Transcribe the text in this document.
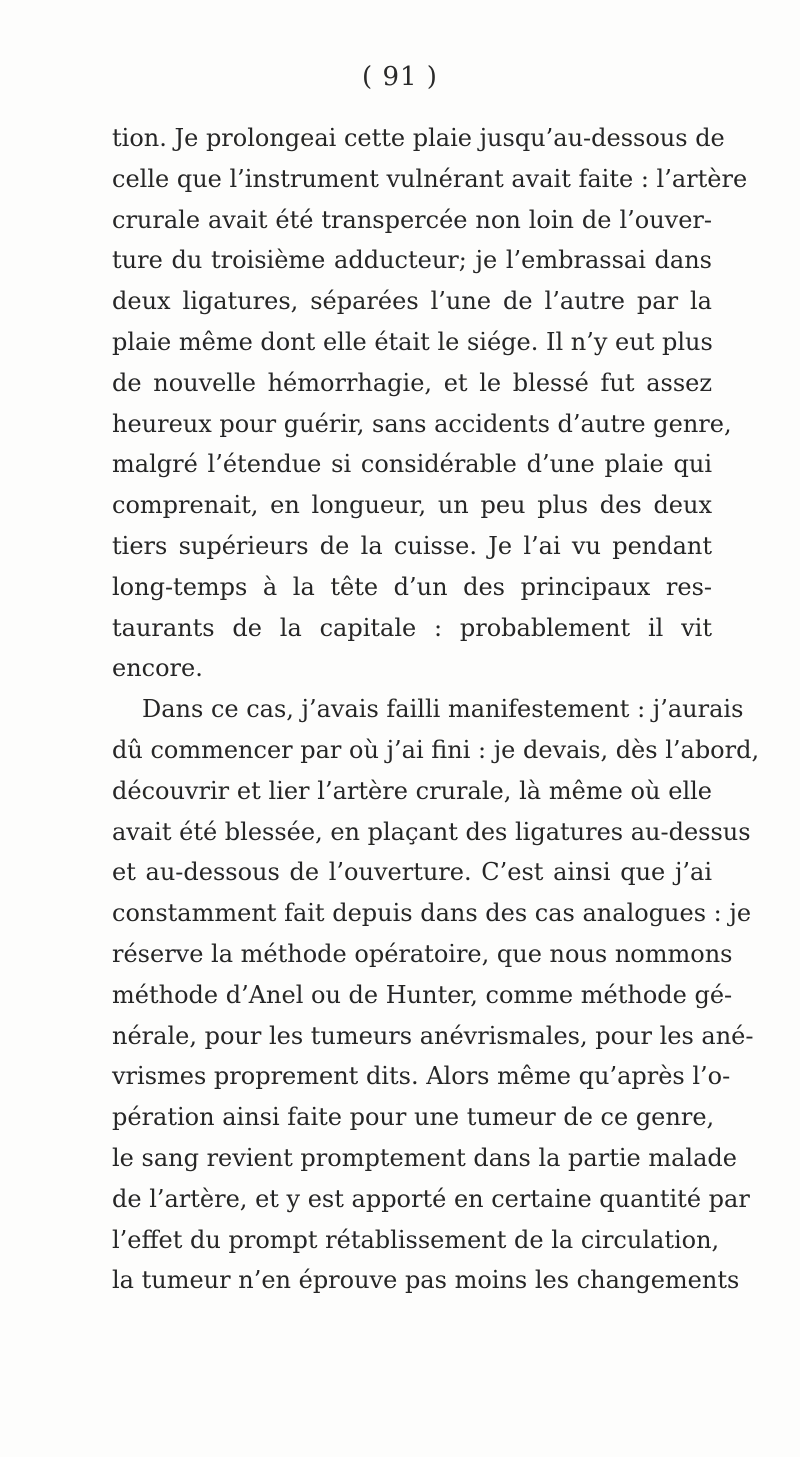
( 91 )
tion. Je prolongeai cette plaie jusqu’au-dessous de
celle que l’instrument vulnérant avait faite : l’artère
crurale avait été transpercée non loin de l’ouver-
ture du troisième adducteur; je l’embrassai dans
deux ligatures, séparées l’une de l’autre par la
plaie même dont elle était le siége. Il n’y eut plus
de nouvelle hémorrhagie, et le blessé fut assez
heureux pour guérir, sans accidents d’autre genre,
malgré l’étendue si considérable d’une plaie qui
comprenait, en longueur, un peu plus des deux
tiers supérieurs de la cuisse. Je l’ai vu pendant
long-temps à la tête d’un des principaux res-
taurants de la capitale : probablement il vit
encore.
Dans ce cas, j’avais failli manifestement : j’aurais
dû commencer par où j’ai fini : je devais, dès l’abord,
découvrir et lier l’artère crurale, là même où elle
avait été blessée, en plaçant des ligatures au-dessus
et au-dessous de l’ouverture. C’est ainsi que j’ai
constamment fait depuis dans des cas analogues : je
réserve la méthode opératoire, que nous nommons
méthode d’Anel ou de Hunter, comme méthode gé-
nérale, pour les tumeurs anévrismales, pour les ané-
vrismes proprement dits. Alors même qu’après l’o-
pération ainsi faite pour une tumeur de ce genre,
le sang revient promptement dans la partie malade
de l’artère, et y est apporté en certaine quantité par
l’effet du prompt rétablissement de la circulation,
la tumeur n’en éprouve pas moins les changements
